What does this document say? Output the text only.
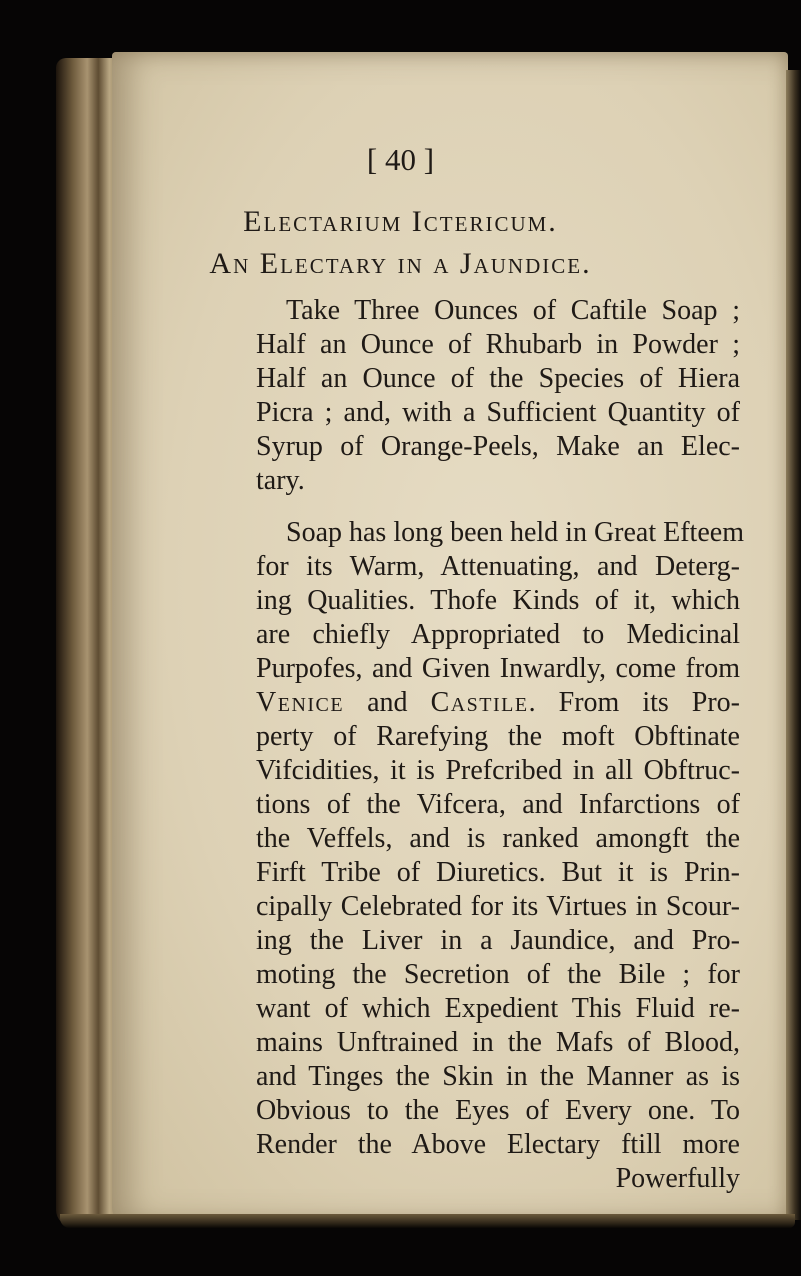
[ 40 ]
Electarium Ictericum.
An Electary in a Jaundice.
Take Three Ounces of Caftile Soap ;
Half an Ounce of Rhubarb in Powder ;
Half an Ounce of the Species of Hiera
Picra ; and, with a Sufficient Quantity of
Syrup of Orange-Peels, Make an Elec-
tary.
Soap has long been held in Great Efteem
for its Warm, Attenuating, and Deterg-
ing Qualities. Thofe Kinds of it, which
are chiefly Appropriated to Medicinal
Purpofes, and Given Inwardly, come from
Venice and Castile. From its Pro-
perty of Rarefying the moft Obftinate
Vifcidities, it is Prefcribed in all Obftruc-
tions of the Vifcera, and Infarctions of
the Veffels, and is ranked amongft the
Firft Tribe of Diuretics. But it is Prin-
cipally Celebrated for its Virtues in Scour-
ing the Liver in a Jaundice, and Pro-
moting the Secretion of the Bile ; for
want of which Expedient This Fluid re-
mains Unftrained in the Mafs of Blood,
and Tinges the Skin in the Manner as is
Obvious to the Eyes of Every one. To
Render the Above Electary ftill more
Powerfully
